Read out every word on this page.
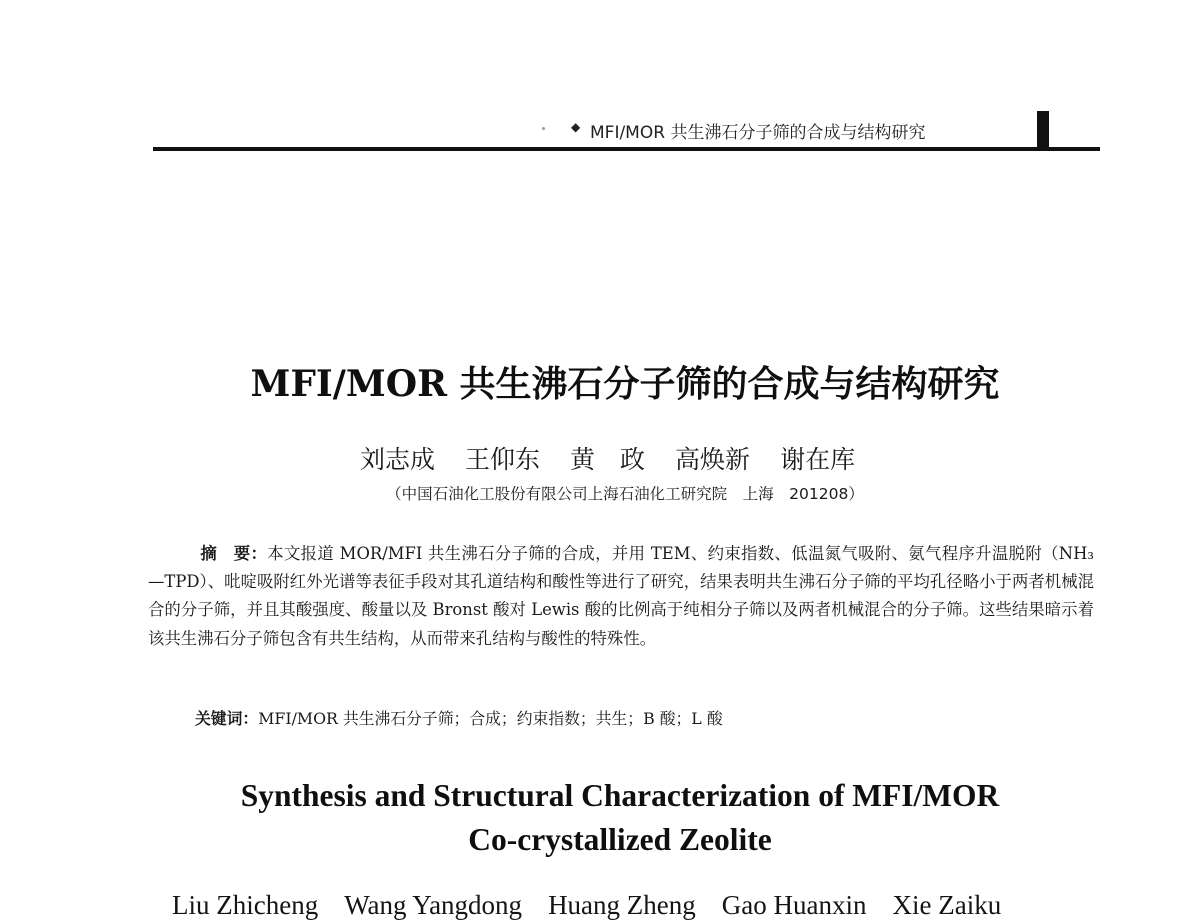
◆ MFI/MOR 共生沸石分子筛的合成与结构研究
MFI/MOR 共生沸石分子筛的合成与结构研究
刘志成 王仰东 黄　政 高焕新 谢在库
（中国石油化工股份有限公司上海石油化工研究院　上海　201208）
摘　要：本文报道 MOR/MFI 共生沸石分子筛的合成，并用 TEM、约束指数、低温氮气吸附、氨气程序升温脱附（NH₃—TPD）、吡啶吸附红外光谱等表征手段对其孔道结构和酸性等进行了研究，结果表明共生沸石分子筛的平均孔径略小于两者机械混合的分子筛，并且其酸强度、酸量以及 Bronst 酸对 Lewis 酸的比例高于纯相分子筛以及两者机械混合的分子筛。这些结果暗示着该共生沸石分子筛包含有共生结构，从而带来孔结构与酸性的特殊性。
关键词：MFI/MOR 共生沸石分子筛；合成；约束指数；共生；B 酸；L 酸
Synthesis and Structural Characterization of MFI/MOR
Co-crystallized Zeolite
Liu Zhicheng Wang Yangdong Huang Zheng Gao Huanxin Xie Zaiku
